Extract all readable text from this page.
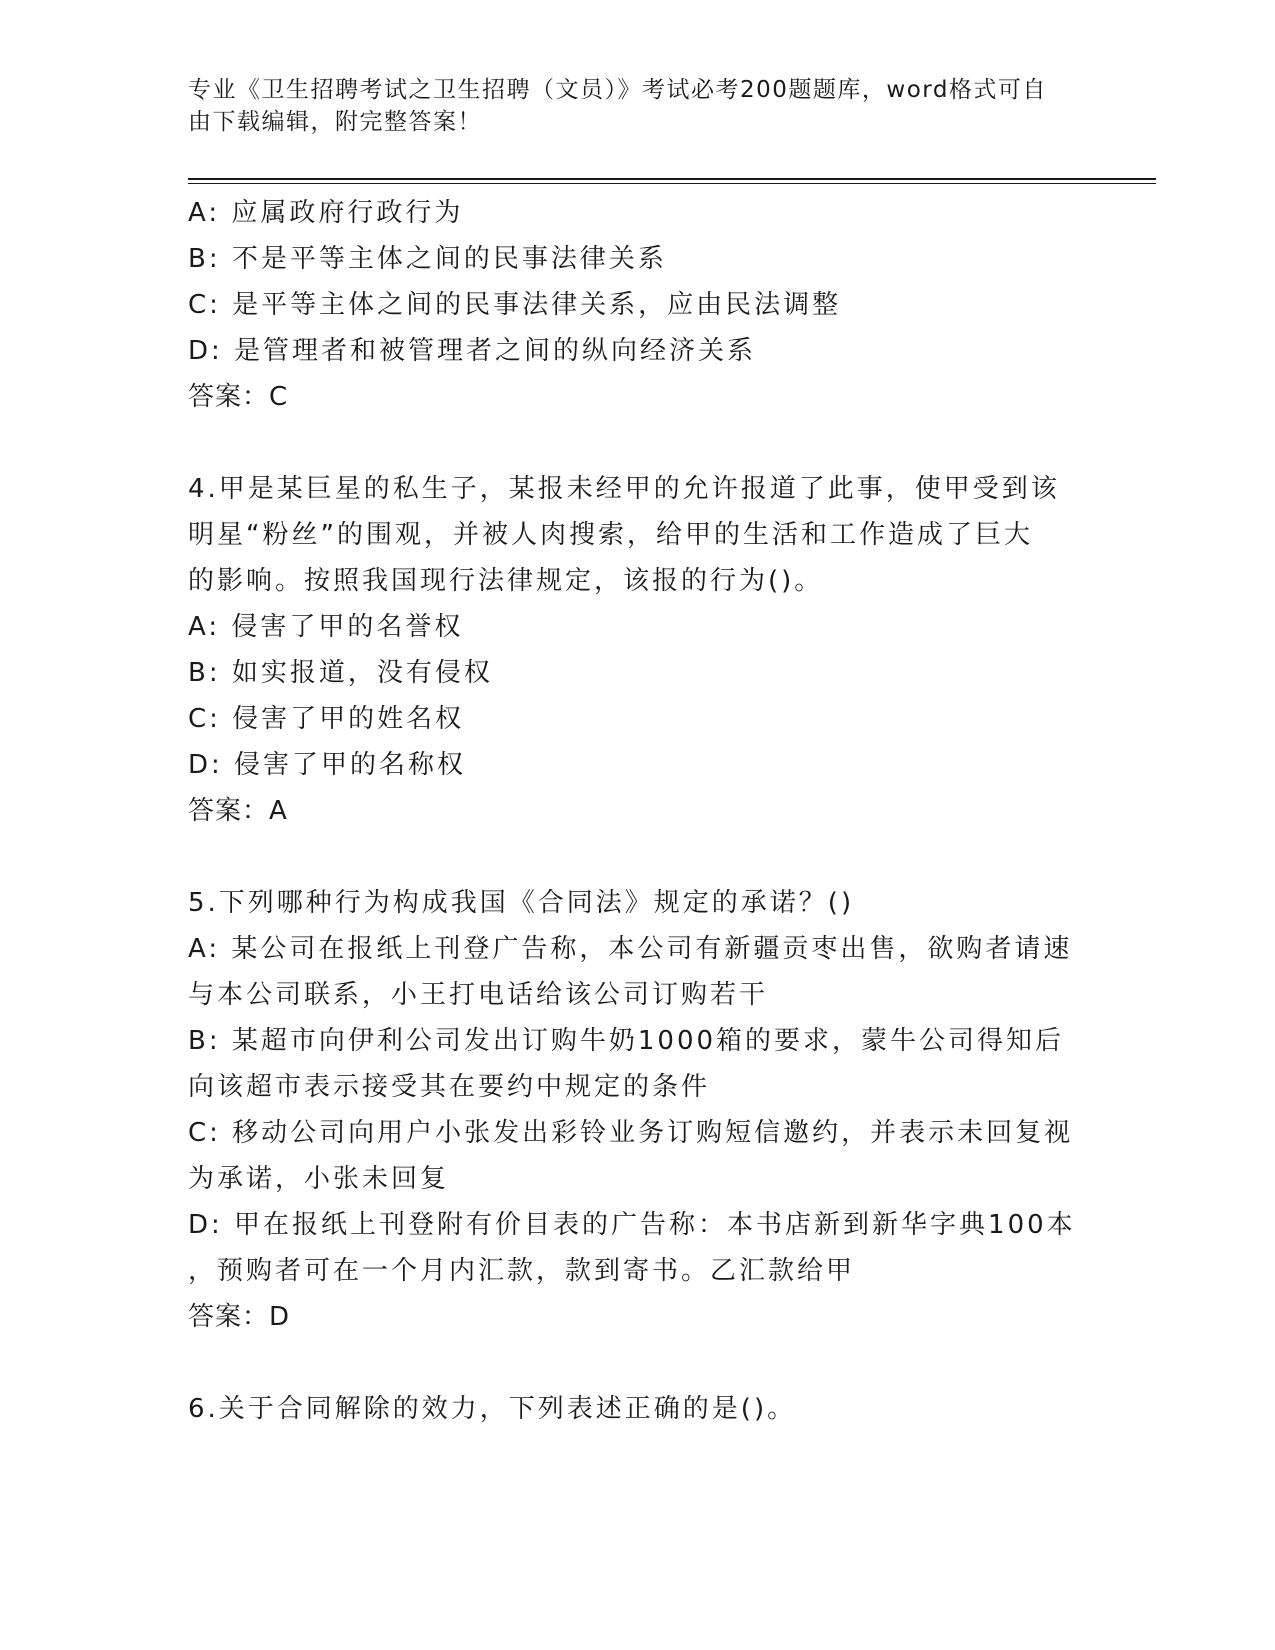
专业《卫生招聘考试之卫生招聘（文员）》考试必考200题题库，word格式可自
由下载编辑，附完整答案！
A: 应属政府行政行为
B: 不是平等主体之间的民事法律关系
C: 是平等主体之间的民事法律关系，应由民法调整
D: 是管理者和被管理者之间的纵向经济关系
答案：C
4.甲是某巨星的私生子，某报未经甲的允许报道了此事，使甲受到该
明星“粉丝”的围观，并被人肉搜索，给甲的生活和工作造成了巨大
的影响。按照我国现行法律规定，该报的行为()。
A: 侵害了甲的名誉权
B: 如实报道，没有侵权
C: 侵害了甲的姓名权
D: 侵害了甲的名称权
答案：A
5.下列哪种行为构成我国《合同法》规定的承诺？()
A: 某公司在报纸上刊登广告称，本公司有新疆贡枣出售，欲购者请速
与本公司联系，小王打电话给该公司订购若干
B: 某超市向伊利公司发出订购牛奶1000箱的要求，蒙牛公司得知后
向该超市表示接受其在要约中规定的条件
C: 移动公司向用户小张发出彩铃业务订购短信邀约，并表示未回复视
为承诺，小张未回复
D: 甲在报纸上刊登附有价目表的广告称：本书店新到新华字典100本
，预购者可在一个月内汇款，款到寄书。乙汇款给甲
答案：D
6.关于合同解除的效力，下列表述正确的是()。
